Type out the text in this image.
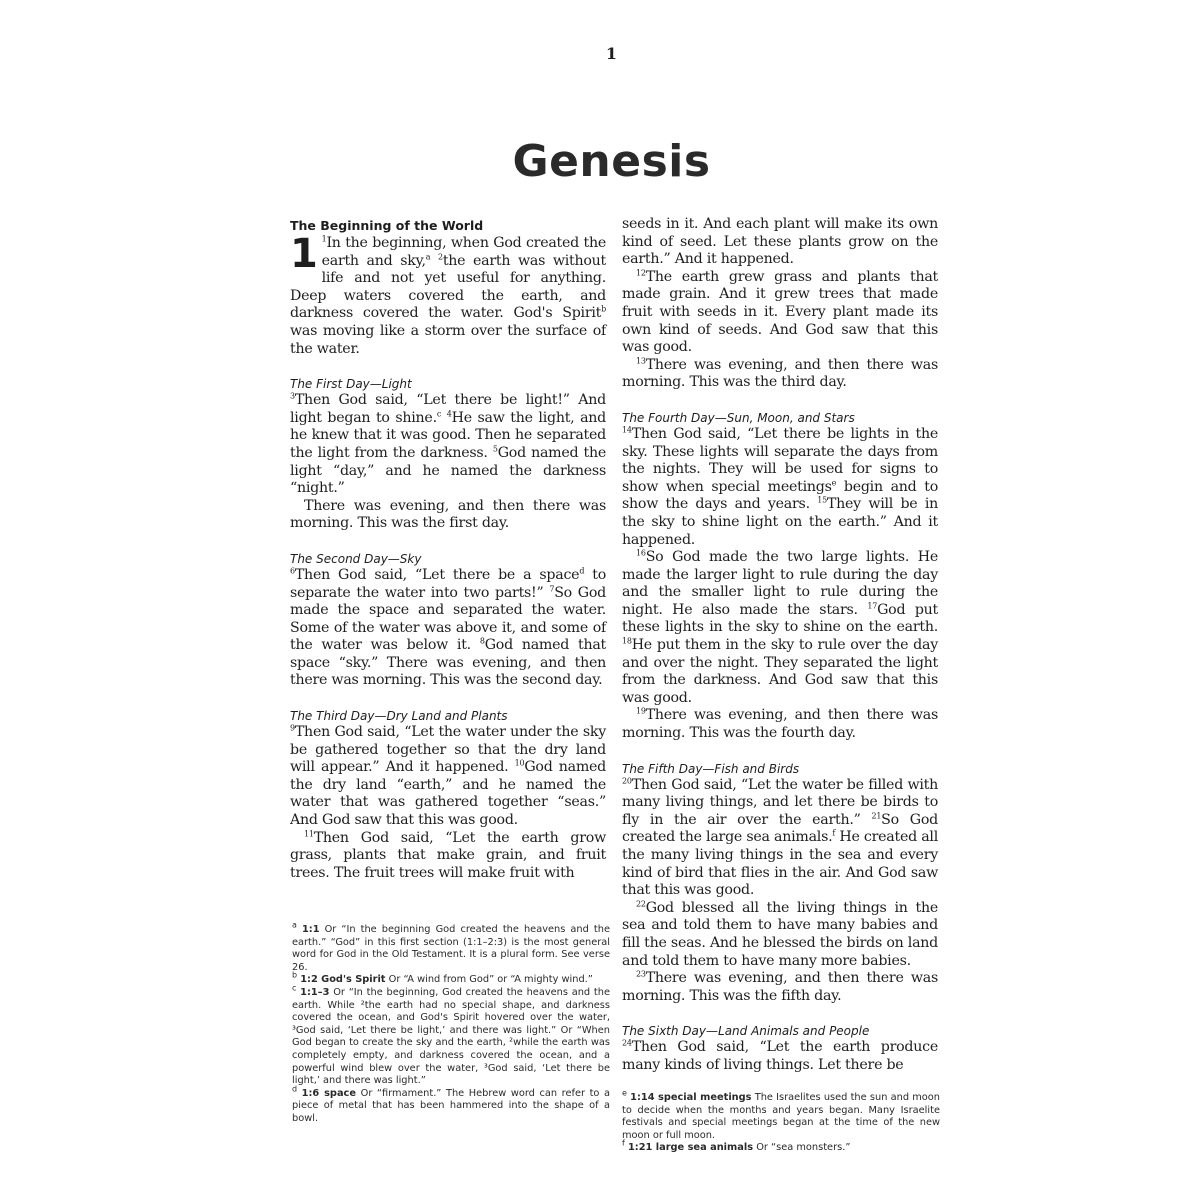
1
Genesis
The Beginning of the World

1 $^1$In the beginning, when God created the earth and sky,$^a$ $^2$the earth was without life and not yet useful for anything. Deep waters covered the earth, and darkness covered the water. God's Spirit$^b$ was moving like a storm over the surface of the water.

The First Day—Light

$^3$Then God said, “Let there be light!” And light began to shine.$^c$ $^4$He saw the light, and he knew that it was good. Then he separated the light from the darkness. $^5$God named the light “day,” and he named the darkness “night.”

There was evening, and then there was morning. This was the first day.

The Second Day—Sky

$^6$Then God said, “Let there be a space$^d$ to separate the water into two parts!” $^7$So God made the space and separated the water. Some of the water was above it, and some of the water was below it. $^8$God named that space “sky.” There was evening, and then there was morning. This was the second day.

The Third Day—Dry Land and Plants

$^9$Then God said, “Let the water under the sky be gathered together so that the dry land will appear.” And it happened. $^{10}$God named the dry land “earth,” and he named the water that was gathered together “seas.” And God saw that this was good.

$^{11}$Then God said, “Let the earth grow grass, plants that make grain, and fruit trees. The fruit trees will make fruit with

$^a$ 1:1 Or “In the beginning God created the heavens and the earth.” “God” in this first section (1:1–2:3) is the most general word for God in the Old Testament. It is a plural form. See verse 26.

$^b$ 1:2 God's Spirit Or “A wind from God” or “A mighty wind.”

$^c$ 1:1–3 Or “In the beginning, God created the heavens and the earth. While ²the earth had no special shape, and darkness covered the ocean, and God's Spirit hovered over the water, ³God said, ‘Let there be light,’ and there was light.” Or “When God began to create the sky and the earth, ²while the earth was completely empty, and darkness covered the ocean, and a powerful wind blew over the water, ³God said, ‘Let there be light,’ and there was light.”

$^d$ 1:6 space Or “firmament.” The Hebrew word can refer to a piece of metal that has been hammered into the shape of a bowl.

seeds in it. And each plant will make its own kind of seed. Let these plants grow on the earth.” And it happened.

$^{12}$The earth grew grass and plants that made grain. And it grew trees that made fruit with seeds in it. Every plant made its own kind of seeds. And God saw that this was good.

$^{13}$There was evening, and then there was morning. This was the third day.

The Fourth Day—Sun, Moon, and Stars

$^{14}$Then God said, “Let there be lights in the sky. These lights will separate the days from the nights. They will be used for signs to show when special meetings$^e$ begin and to show the days and years. $^{15}$They will be in the sky to shine light on the earth.” And it happened.

$^{16}$So God made the two large lights. He made the larger light to rule during the day and the smaller light to rule during the night. He also made the stars. $^{17}$God put these lights in the sky to shine on the earth. $^{18}$He put them in the sky to rule over the day and over the night. They separated the light from the darkness. And God saw that this was good.

$^{19}$There was evening, and then there was morning. This was the fourth day.

The Fifth Day—Fish and Birds

$^{20}$Then God said, “Let the water be filled with many living things, and let there be birds to fly in the air over the earth.” $^{21}$So God created the large sea animals.$^f$ He created all the many living things in the sea and every kind of bird that flies in the air. And God saw that this was good.

$^{22}$God blessed all the living things in the sea and told them to have many babies and fill the seas. And he blessed the birds on land and told them to have many more babies.

$^{23}$There was evening, and then there was morning. This was the fifth day.

The Sixth Day—Land Animals and People

$^{24}$Then God said, “Let the earth produce many kinds of living things. Let there be

$^e$ 1:14 special meetings The Israelites used the sun and moon to decide when the months and years began. Many Israelite festivals and special meetings began at the time of the new moon or full moon.

$^f$ 1:21 large sea animals Or “sea monsters.”
